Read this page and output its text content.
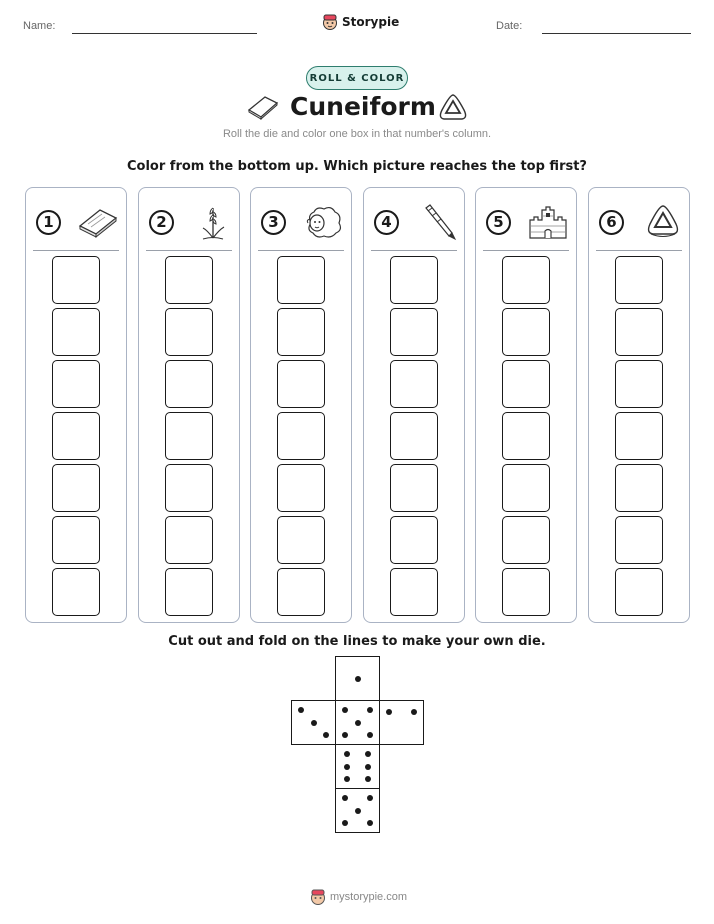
Name:	Storypie	Date:
ROLL & COLOR
Cuneiform
Roll the die and color one box in that number's column.
Color from the bottom up. Which picture reaches the top first?
1	2	3	4	5	6
Cut out and fold on the lines to make your own die.
mystorypie.com
